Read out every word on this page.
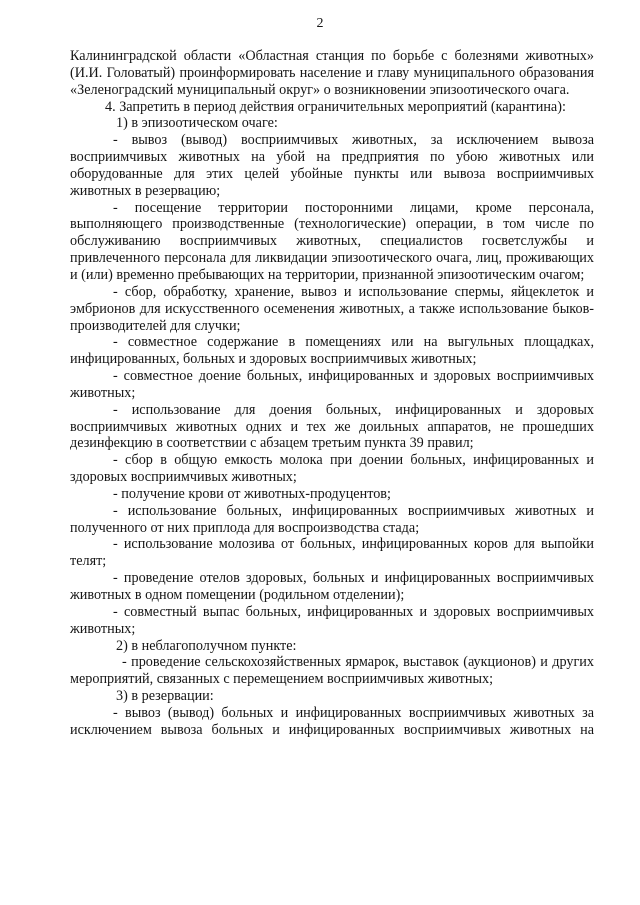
2

Калининградской области «Областная станция по борьбе с болезнями животных» (И.И. Головатый) проинформировать население и главу муниципального образования «Зеленоградский муниципальный округ» о возникновении эпизоотического очага.

4. Запретить в период действия ограничительных мероприятий (карантина):

1) в эпизоотическом очаге:

- вывоз (вывод) восприимчивых животных, за исключением вывоза восприимчивых животных на убой на предприятия по убою животных или оборудованные для этих целей убойные пункты или вывоза восприимчивых животных в резервацию;

- посещение территории посторонними лицами, кроме персонала, выполняющего производственные (технологические) операции, в том числе по обслуживанию восприимчивых животных, специалистов госветслужбы и привлеченного персонала для ликвидации эпизоотического очага, лиц, проживающих и (или) временно пребывающих на территории, признанной эпизоотическим очагом;

- сбор, обработку, хранение, вывоз и использование спермы, яйцеклеток и эмбрионов для искусственного осеменения животных, а также использование быков-производителей для случки;

- совместное содержание в помещениях или на выгульных площадках, инфицированных, больных и здоровых восприимчивых животных;

- совместное доение больных, инфицированных и здоровых восприимчивых животных;

- использование для доения больных, инфицированных и здоровых восприимчивых животных одних и тех же доильных аппаратов, не прошедших дезинфекцию в соответствии с абзацем третьим пункта 39 правил;

- сбор в общую емкость молока при доении больных, инфицированных и здоровых восприимчивых животных;

- получение крови от животных-продуцентов;

- использование больных, инфицированных восприимчивых животных и полученного от них приплода для воспроизводства стада;

- использование молозива от больных, инфицированных коров для выпойки телят;

- проведение отелов здоровых, больных и инфицированных восприимчивых животных в одном помещении (родильном отделении);

- совместный выпас больных, инфицированных и здоровых восприимчивых животных;

2) в неблагополучном пункте:

- проведение сельскохозяйственных ярмарок, выставок (аукционов) и других мероприятий, связанных с перемещением восприимчивых животных;

3) в резервации:

- вывоз (вывод) больных и инфицированных восприимчивых животных за исключением вывоза больных и инфицированных восприимчивых животных на
